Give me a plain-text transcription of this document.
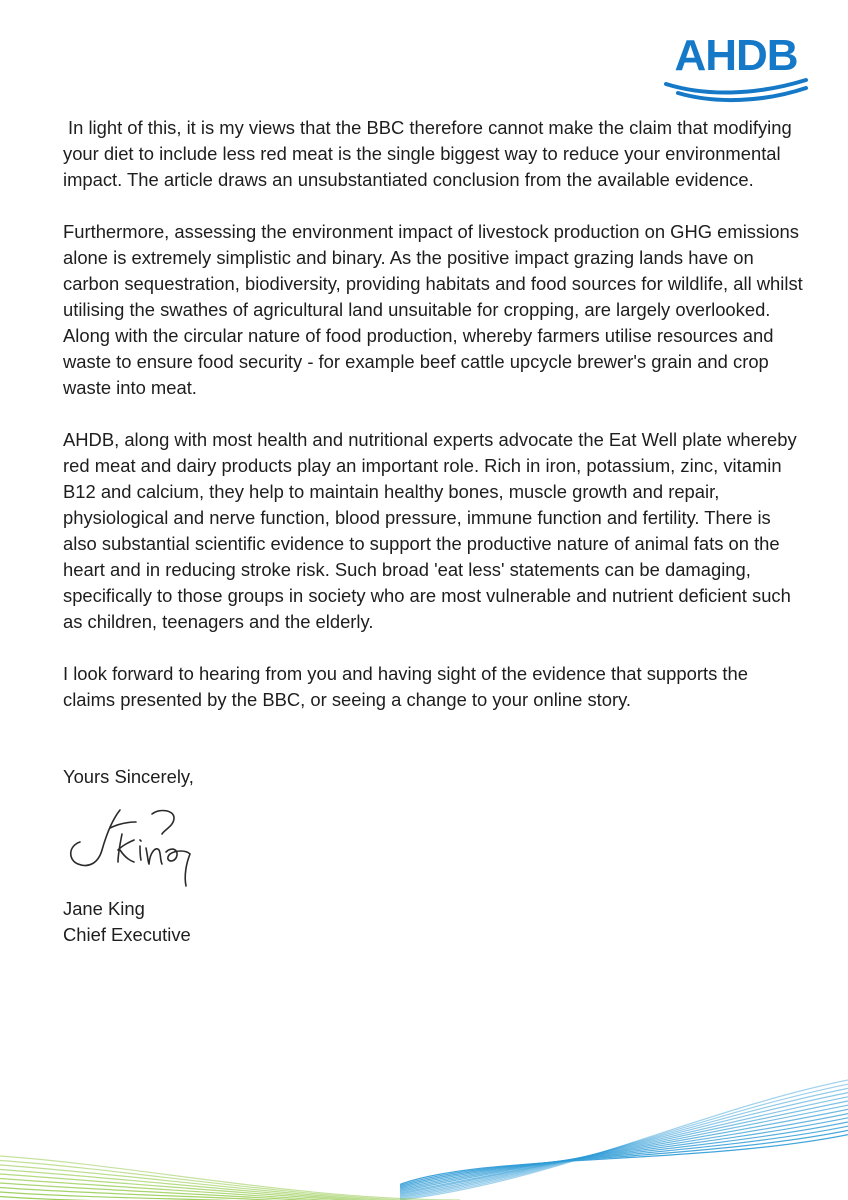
AHDB

In light of this, it is my views that the BBC therefore cannot make the claim that modifying your diet to include less red meat is the single biggest way to reduce your environmental impact. The article draws an unsubstantiated conclusion from the available evidence.

Furthermore, assessing the environment impact of livestock production on GHG emissions alone is extremely simplistic and binary. As the positive impact grazing lands have on carbon sequestration, biodiversity, providing habitats and food sources for wildlife, all whilst utilising the swathes of agricultural land unsuitable for cropping, are largely overlooked. Along with the circular nature of food production, whereby farmers utilise resources and waste to ensure food security - for example beef cattle upcycle brewer's grain and crop waste into meat.

AHDB, along with most health and nutritional experts advocate the Eat Well plate whereby red meat and dairy products play an important role. Rich in iron, potassium, zinc, vitamin B12 and calcium, they help to maintain healthy bones, muscle growth and repair, physiological and nerve function, blood pressure, immune function and fertility. There is also substantial scientific evidence to support the productive nature of animal fats on the heart and in reducing stroke risk. Such broad 'eat less' statements can be damaging, specifically to those groups in society who are most vulnerable and nutrient deficient such as children, teenagers and the elderly.

I look forward to hearing from you and having sight of the evidence that supports the claims presented by the BBC, or seeing a change to your online story.

Yours Sincerely,
Jane King
Chief Executive
